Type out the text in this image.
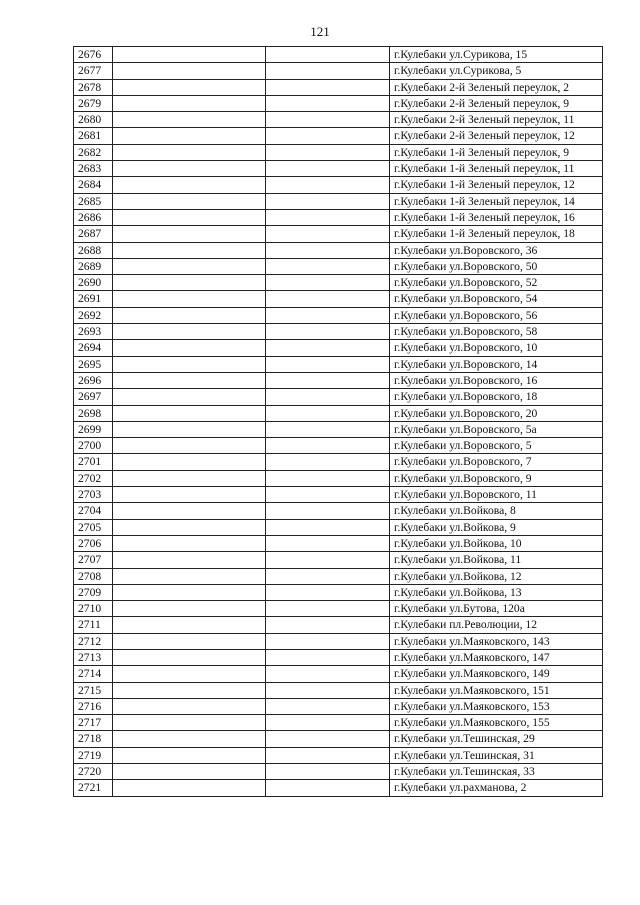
121
2676			г.Кулебаки ул.Сурикова, 15
2677			г.Кулебаки ул.Сурикова, 5
2678			г.Кулебаки 2-й Зеленый переулок, 2
2679			г.Кулебаки 2-й Зеленый переулок, 9
2680			г.Кулебаки 2-й Зеленый переулок, 11
2681			г.Кулебаки 2-й Зеленый переулок, 12
2682			г.Кулебаки 1-й Зеленый переулок, 9
2683			г.Кулебаки 1-й Зеленый переулок, 11
2684			г.Кулебаки 1-й Зеленый переулок, 12
2685			г.Кулебаки 1-й Зеленый переулок, 14
2686			г.Кулебаки 1-й Зеленый переулок, 16
2687			г.Кулебаки 1-й Зеленый переулок, 18
2688			г.Кулебаки ул.Воровского, 36
2689			г.Кулебаки ул.Воровского, 50
2690			г.Кулебаки ул.Воровского, 52
2691			г.Кулебаки ул.Воровского, 54
2692			г.Кулебаки ул.Воровского, 56
2693			г.Кулебаки ул.Воровского, 58
2694			г.Кулебаки ул.Воровского, 10
2695			г.Кулебаки ул.Воровского, 14
2696			г.Кулебаки ул.Воровского, 16
2697			г.Кулебаки ул.Воровского, 18
2698			г.Кулебаки ул.Воровского, 20
2699			г.Кулебаки ул.Воровского, 5а
2700			г.Кулебаки ул.Воровского, 5
2701			г.Кулебаки ул.Воровского, 7
2702			г.Кулебаки ул.Воровского, 9
2703			г.Кулебаки ул.Воровского, 11
2704			г.Кулебаки ул.Войкова, 8
2705			г.Кулебаки ул.Войкова, 9
2706			г.Кулебаки ул.Войкова, 10
2707			г.Кулебаки ул.Войкова, 11
2708			г.Кулебаки ул.Войкова, 12
2709			г.Кулебаки ул.Войкова, 13
2710			г.Кулебаки ул.Бутова, 120а
2711			г.Кулебаки пл.Революции, 12
2712			г.Кулебаки ул.Маяковского, 143
2713			г.Кулебаки ул.Маяковского, 147
2714			г.Кулебаки ул.Маяковского, 149
2715			г.Кулебаки ул.Маяковского, 151
2716			г.Кулебаки ул.Маяковского, 153
2717			г.Кулебаки ул.Маяковского, 155
2718			г.Кулебаки ул.Тешинская, 29
2719			г.Кулебаки ул.Тешинская, 31
2720			г.Кулебаки ул.Тешинская, 33
2721			г.Кулебаки ул.рахманова, 2
